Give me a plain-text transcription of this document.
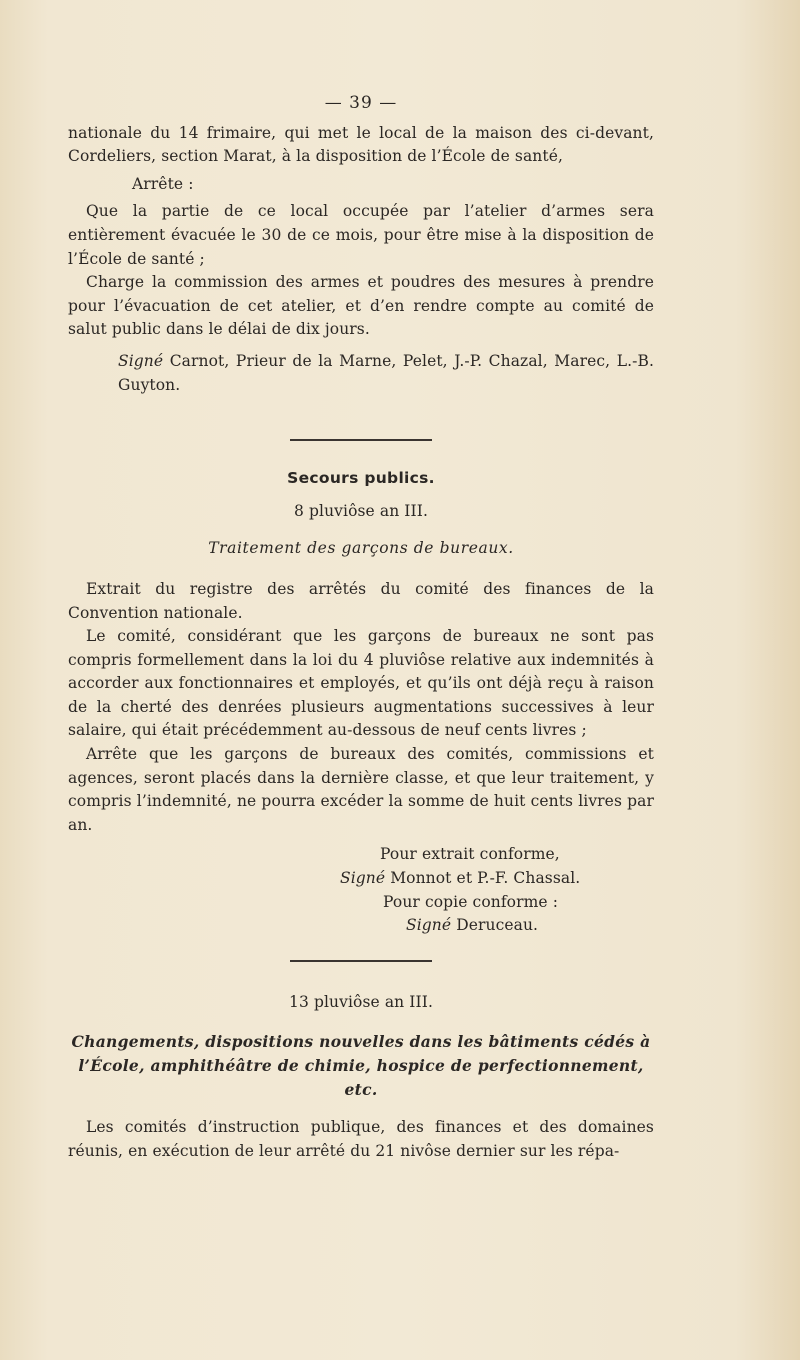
— 39 —

nationale du 14 frimaire, qui met le local de la maison des ci-devant, Cordeliers, section Marat, à la disposition de l’École de santé,

Arrête :

Que la partie de ce local occupée par l’atelier d’armes sera entièrement évacuée le 30 de ce mois, pour être mise à la disposition de l’École de santé ;

Charge la commission des armes et poudres des mesures à prendre pour l’évacuation de cet atelier, et d’en rendre compte au comité de salut public dans le délai de dix jours.

Signé Carnot, Prieur de la Marne, Pelet, J.-P. Chazal, Marec, L.-B. Guyton.

Secours publics.
8 pluviôse an III.
Traitement des garçons de bureaux.

Extrait du registre des arrêtés du comité des finances de la Convention nationale.

Le comité, considérant que les garçons de bureaux ne sont pas compris formellement dans la loi du 4 pluviôse relative aux indemnités à accorder aux fonctionnaires et employés, et qu’ils ont déjà reçu à raison de la cherté des denrées plusieurs augmentations successives à leur salaire, qui était précédemment au-dessous de neuf cents livres ;

Arrête que les garçons de bureaux des comités, commissions et agences, seront placés dans la dernière classe, et que leur traitement, y compris l’indemnité, ne pourra excéder la somme de huit cents livres par an.

Pour extrait conforme,
Signé Monnot et P.-F. Chassal.
Pour copie conforme :
Signé Deruceau.
13 pluviôse an III.
Changements, dispositions nouvelles dans les bâtiments cédés à l’École, amphithéâtre de chimie, hospice de perfectionnement, etc.

Les comités d’instruction publique, des finances et des domaines réunis, en exécution de leur arrêté du 21 nivôse dernier sur les répa-
